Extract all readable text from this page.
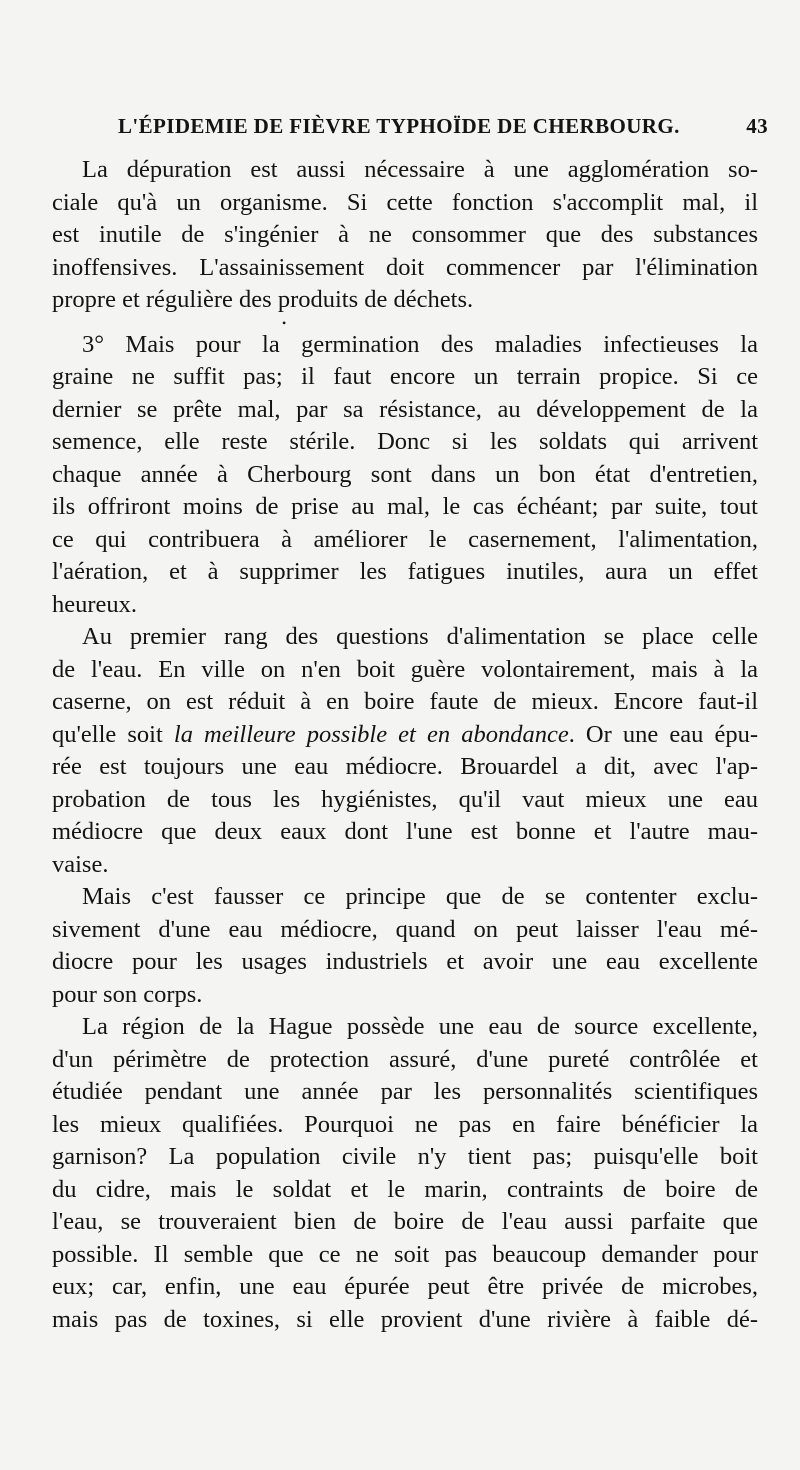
L'ÉPIDEMIE DE FIÈVRE TYPHOÏDE DE CHERBOURG.	43
La dépuration est aussi nécessaire à une agglomération so-
ciale qu'à un organisme. Si cette fonction s'accomplit mal, il
est inutile de s'ingénier à ne consommer que des substances
inoffensives. L'assainissement doit commencer par l'élimination
propre et régulière des produits de déchets.
•
3° Mais pour la germination des maladies infectieuses la
graine ne suffit pas; il faut encore un terrain propice. Si ce
dernier se prête mal, par sa résistance, au développement de la
semence, elle reste stérile. Donc si les soldats qui arrivent
chaque année à Cherbourg sont dans un bon état d'entretien,
ils offriront moins de prise au mal, le cas échéant; par suite, tout
ce qui contribuera à améliorer le casernement, l'alimentation,
l'aération, et à supprimer les fatigues inutiles, aura un effet
heureux.
Au premier rang des questions d'alimentation se place celle
de l'eau. En ville on n'en boit guère volontairement, mais à la
caserne, on est réduit à en boire faute de mieux. Encore faut-il
qu'elle soit la meilleure possible et en abondance. Or une eau épu-
rée est toujours une eau médiocre. Brouardel a dit, avec l'ap-
probation de tous les hygiénistes, qu'il vaut mieux une eau
médiocre que deux eaux dont l'une est bonne et l'autre mau-
vaise.
Mais c'est fausser ce principe que de se contenter exclu-
sivement d'une eau médiocre, quand on peut laisser l'eau mé-
diocre pour les usages industriels et avoir une eau excellente
pour son corps.
La région de la Hague possède une eau de source excellente,
d'un périmètre de protection assuré, d'une pureté contrôlée et
étudiée pendant une année par les personnalités scientifiques
les mieux qualifiées. Pourquoi ne pas en faire bénéficier la
garnison? La population civile n'y tient pas; puisqu'elle boit
du cidre, mais le soldat et le marin, contraints de boire de
l'eau, se trouveraient bien de boire de l'eau aussi parfaite que
possible. Il semble que ce ne soit pas beaucoup demander pour
eux; car, enfin, une eau épurée peut être privée de microbes,
mais pas de toxines, si elle provient d'une rivière à faible dé-
